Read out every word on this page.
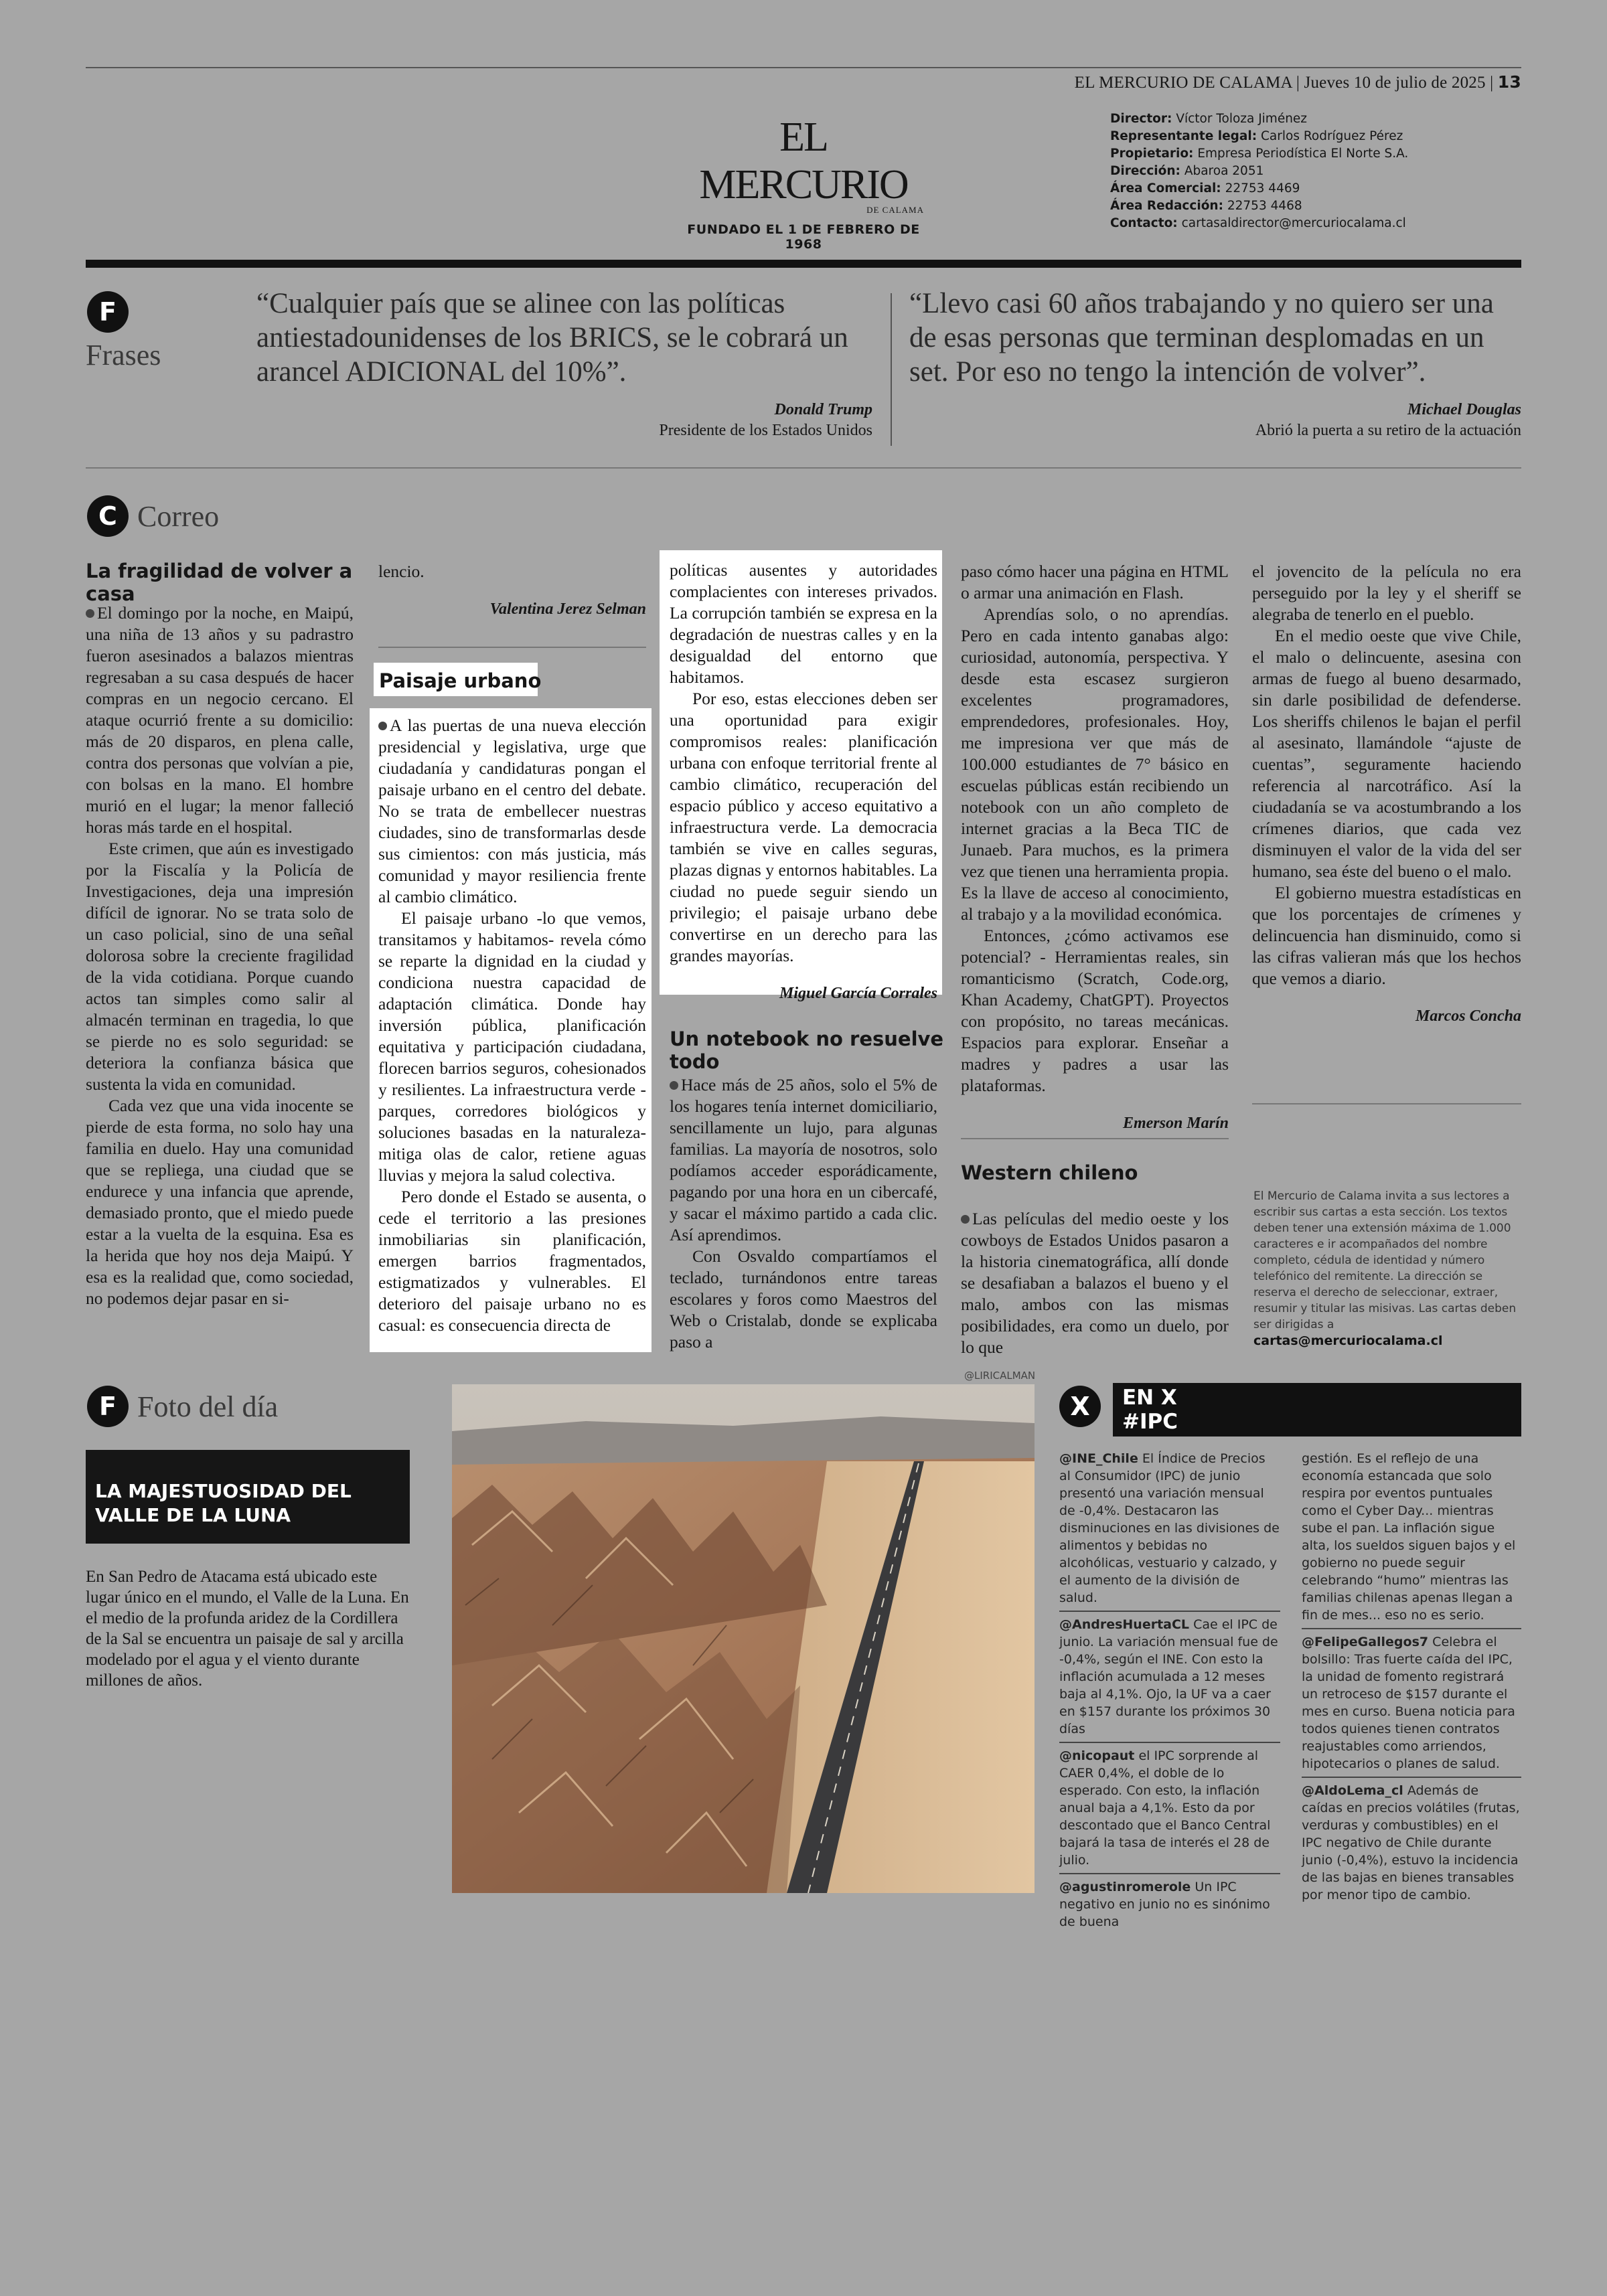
EL MERCURIO DE CALAMA | Jueves 10 de julio de 2025 | 13
EL MERCURIO
DE CALAMA
FUNDADO EL 1 DE FEBRERO DE 1968
Director: Víctor Toloza Jiménez
Representante legal: Carlos Rodríguez Pérez
Propietario: Empresa Periodística El Norte S.A.
Dirección: Abaroa 2051
Área Comercial: 22753 4469
Área Redacción: 22753 4468
Contacto: cartasaldirector@mercuriocalama.cl
F
Frases
“Cualquier país que se alinee con las políticas antiestadounidenses de los BRICS, se le cobrará un arancel ADICIONAL del 10%”.
Donald Trump
Presidente de los Estados Unidos
“Llevo casi 60 años trabajando y no quiero ser una de esas personas que terminan desplomadas en un set. Por eso no tengo la intención de volver”.
Michael Douglas
Abrió la puerta a su retiro de la actuación
C Correo
La fragilidad de volver a casa

El domingo por la noche, en Maipú, una niña de 13 años y su padrastro fueron asesinados a balazos mientras regresaban a su casa después de hacer compras en un negocio cercano. El ataque ocurrió frente a su domicilio: más de 20 disparos, en plena calle, contra dos personas que volvían a pie, con bolsas en la mano. El hombre murió en el lugar; la menor falleció horas más tarde en el hospital.

Este crimen, que aún es investigado por la Fiscalía y la Policía de Investigaciones, deja una impresión difícil de ignorar. No se trata solo de un caso policial, sino de una señal dolorosa sobre la creciente fragilidad de la vida cotidiana. Porque cuando actos tan simples como salir al almacén terminan en tragedia, lo que se pierde no es solo seguridad: se deteriora la confianza básica que sustenta la vida en comunidad.

Cada vez que una vida inocente se pierde de esta forma, no solo hay una familia en duelo. Hay una comunidad que se repliega, una ciudad que se endurece y una infancia que aprende, demasiado pronto, que el miedo puede estar a la vuelta de la esquina. Esa es la herida que hoy nos deja Maipú. Y esa es la realidad que, como sociedad, no podemos dejar pasar en si-

lencio.

Valentina Jerez Selman
Paisaje urbano

A las puertas de una nueva elección presidencial y legislativa, urge que ciudadanía y candidaturas pongan el paisaje urbano en el centro del debate. No se trata de embellecer nuestras ciudades, sino de transformarlas desde sus cimientos: con más justicia, más comunidad y mayor resiliencia frente al cambio climático.

El paisaje urbano -lo que vemos, transitamos y habitamos- revela cómo se reparte la dignidad en la ciudad y condiciona nuestra capacidad de adaptación climática. Donde hay inversión pública, planificación equitativa y participación ciudadana, florecen barrios seguros, cohesionados y resilientes. La infraestructura verde -parques, corredores biológicos y soluciones basadas en la naturaleza- mitiga olas de calor, retiene aguas lluvias y mejora la salud colectiva.

Pero donde el Estado se ausenta, o cede el territorio a las presiones inmobiliarias sin planificación, emergen barrios fragmentados, estigmatizados y vulnerables. El deterioro del paisaje urbano no es casual: es consecuencia directa de

políticas ausentes y autoridades complacientes con intereses privados. La corrupción también se expresa en la degradación de nuestras calles y en la desigualdad del entorno que habitamos.

Por eso, estas elecciones deben ser una oportunidad para exigir compromisos reales: planificación urbana con enfoque territorial frente al cambio climático, recuperación del espacio público y acceso equitativo a infraestructura verde. La democracia también se vive en calles seguras, plazas dignas y entornos habitables. La ciudad no puede seguir siendo un privilegio; el paisaje urbano debe convertirse en un derecho para las grandes mayorías.

Miguel García Corrales
Un notebook no resuelve todo

Hace más de 25 años, solo el 5% de los hogares tenía internet domiciliario, sencillamente un lujo, para algunas familias. La mayoría de nosotros, solo podíamos acceder esporádicamente, pagando por una hora en un cibercafé, y sacar el máximo partido a cada clic. Así aprendimos.

Con Osvaldo compartíamos el teclado, turnándonos entre tareas escolares y foros como Maestros del Web o Cristalab, donde se explicaba paso a

paso cómo hacer una página en HTML o armar una animación en Flash.

Aprendías solo, o no aprendías. Pero en cada intento ganabas algo: curiosidad, autonomía, perspectiva. Y desde esta escasez surgieron excelentes programadores, emprendedores, profesionales. Hoy, me impresiona ver que más de 100.000 estudiantes de 7° básico en escuelas públicas están recibiendo un notebook con un año completo de internet gracias a la Beca TIC de Junaeb. Para muchos, es la primera vez que tienen una herramienta propia. Es la llave de acceso al conocimiento, al trabajo y a la movilidad económica.

Entonces, ¿cómo activamos ese potencial? - Herramientas reales, sin romanticismo (Scratch, Code.org, Khan Academy, ChatGPT). Proyectos con propósito, no tareas mecánicas. Espacios para explorar. Enseñar a madres y padres a usar las plataformas.

Emerson Marín
Western chileno

Las películas del medio oeste y los cowboys de Estados Unidos pasaron a la historia cinematográfica, allí donde se desafiaban a balazos el bueno y el malo, ambos con las mismas posibilidades, era como un duelo, por lo que

el jovencito de la película no era perseguido por la ley y el sheriff se alegraba de tenerlo en el pueblo.

En el medio oeste que vive Chile, el malo o delincuente, asesina con armas de fuego al bueno desarmado, sin darle posibilidad de defenderse. Los sheriffs chilenos le bajan el perfil al asesinato, llamándole “ajuste de cuentas”, seguramente haciendo referencia al narcotráfico. Así la ciudadanía se va acostumbrando a los crímenes diarios, que cada vez disminuyen el valor de la vida del ser humano, sea éste del bueno o el malo.

El gobierno muestra estadísticas en que los porcentajes de crímenes y delincuencia han disminuido, como si las cifras valieran más que los hechos que vemos a diario.

Marcos Concha
El Mercurio de Calama invita a sus lectores a escribir sus cartas a esta sección. Los textos deben tener una extensión máxima de 1.000 caracteres e ir acompañados del nombre completo, cédula de identidad y número telefónico del remitente. La dirección se reserva el derecho de seleccionar, extraer, resumir y titular las misivas. Las cartas deben ser dirigidas a cartas@mercuriocalama.cl
F Foto del día
LA MAJESTUOSIDAD DEL VALLE DE LA LUNA
En San Pedro de Atacama está ubicado este lugar único en el mundo, el Valle de la Luna. En el medio de la profunda aridez de la Cordillera de la Sal se encuentra un paisaje de sal y arcilla modelado por el agua y el viento durante millones de años.
@LIRICALMAN
X	EN X
#IPC
@INE_Chile El Índice de Precios al Consumidor (IPC) de junio presentó una variación mensual de -0,4%. Destacaron las disminuciones en las divisiones de alimentos y bebidas no alcohólicas, vestuario y calzado, y el aumento de la división de salud.
@AndresHuertaCL Cae el IPC de junio. La variación mensual fue de -0,4%, según el INE. Con esto la inflación acumulada a 12 meses baja al 4,1%. Ojo, la UF va a caer en $157 durante los próximos 30 días
@nicopaut el IPC sorprende al CAER 0,4%, el doble de lo esperado. Con esto, la inflación anual baja a 4,1%. Esto da por descontado que el Banco Central bajará la tasa de interés el 28 de julio.
@agustinromerole Un IPC negativo en junio no es sinónimo de buena
gestión. Es el reflejo de una economía estancada que solo respira por eventos puntuales como el Cyber Day... mientras sube el pan. La inflación sigue alta, los sueldos siguen bajos y el gobierno no puede seguir celebrando “humo” mientras las familias chilenas apenas llegan a fin de mes... eso no es serio.
@FelipeGallegos7 Celebra el bolsillo: Tras fuerte caída del IPC, la unidad de fomento registrará un retroceso de $157 durante el mes en curso. Buena noticia para todos quienes tienen contratos reajustables como arriendos, hipotecarios o planes de salud.
@AldoLema_cl Además de caídas en precios volátiles (frutas, verduras y combustibles) en el IPC negativo de Chile durante junio (-0,4%), estuvo la incidencia de las bajas en bienes transables por menor tipo de cambio.
